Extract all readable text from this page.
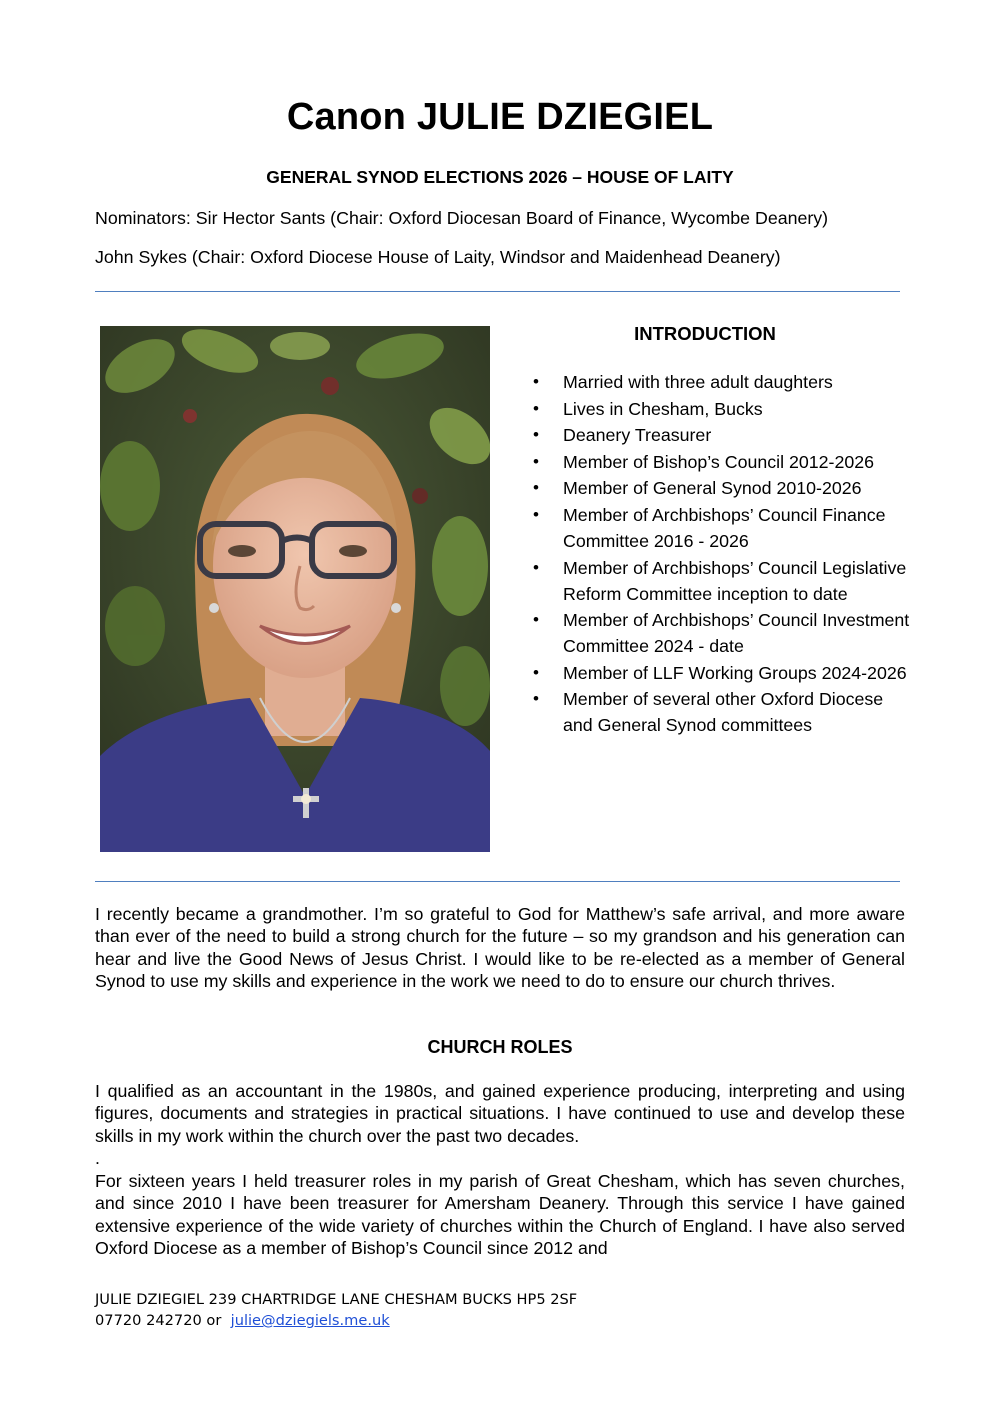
Canon JULIE DZIEGIEL
GENERAL SYNOD ELECTIONS 2026 – HOUSE OF LAITY
Nominators: Sir Hector Sants (Chair: Oxford Diocesan Board of Finance, Wycombe Deanery)
John Sykes (Chair: Oxford Diocese House of Laity, Windsor and Maidenhead Deanery)
INTRODUCTION
• Married with three adult daughters
• Lives in Chesham, Bucks
• Deanery Treasurer
• Member of Bishop’s Council 2012-2026
• Member of General Synod 2010-2026
• Member of Archbishops’ Council Finance Committee 2016 - 2026
• Member of Archbishops’ Council Legislative Reform Committee inception to date
• Member of Archbishops’ Council Investment Committee 2024 - date
• Member of LLF Working Groups 2024-2026
• Member of several other Oxford Diocese and General Synod committees
I recently became a grandmother. I’m so grateful to God for Matthew’s safe arrival, and more aware than ever of the need to build a strong church for the future – so my grandson and his generation can hear and live the Good News of Jesus Christ. I would like to be re-elected as a member of General Synod to use my skills and experience in the work we need to do to ensure our church thrives.
CHURCH ROLES
I qualified as an accountant in the 1980s, and gained experience producing, interpreting and using figures, documents and strategies in practical situations. I have continued to use and develop these skills in my work within the church over the past two decades.
.
For sixteen years I held treasurer roles in my parish of Great Chesham, which has seven churches, and since 2010 I have been treasurer for Amersham Deanery. Through this service I have gained extensive experience of the wide variety of churches within the Church of England. I have also served Oxford Diocese as a member of Bishop’s Council since 2012 and
JULIE DZIEGIEL 239 CHARTRIDGE LANE CHESHAM BUCKS HP5 2SF
07720 242720 or  julie@dziegiels.me.uk
